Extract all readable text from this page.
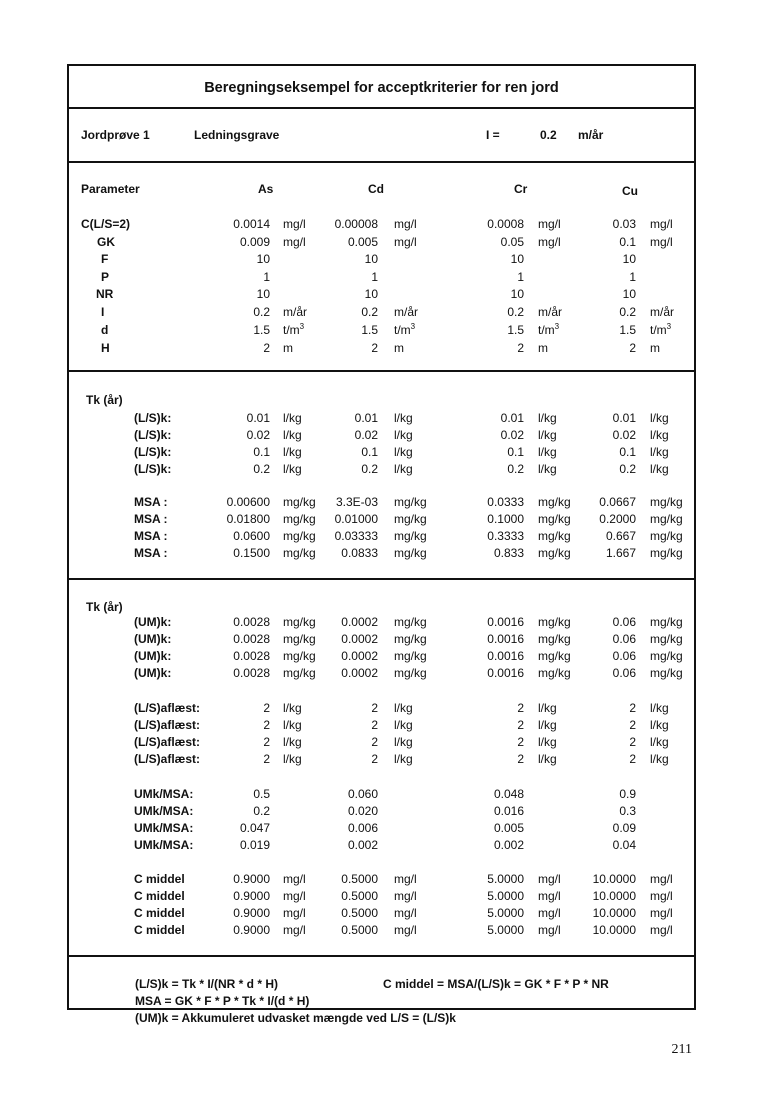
Beregningseksempel for acceptkriterier for ren jord
Jordprøve 1	Ledningsgrave	I =	0.2 m/år
Parameter	As	Cd	Cr	Cu
Tk (år)
Tk (år)
C(L/S=2)	0.0014 mg/l	0.00008 mg/l	0.0008 mg/l	0.03 mg/l
GK	0.009 mg/l	0.005 mg/l	0.05 mg/l	0.1 mg/l
F	10	10	10	10
P	1	1	1	1
NR	10	10	10	10
I	0.2 m/år	0.2 m/år	0.2 m/år	0.2 m/år
d	1.5 $t/m^3$	1.5 $t/m^3$	1.5 $t/m^3$	1.5 $t/m^3$
H	2 m	2 m	2 m	2 m
(L/S)k:	0.01 l/kg	0.01 l/kg	0.01 l/kg	0.01 l/kg
(L/S)k:	0.02 l/kg	0.02 l/kg	0.02 l/kg	0.02 l/kg
(L/S)k:	0.1 l/kg	0.1 l/kg	0.1 l/kg	0.1 l/kg
(L/S)k:	0.2 l/kg	0.2 l/kg	0.2 l/kg	0.2 l/kg
MSA :	0.00600 mg/kg	3.3E-03 mg/kg	0.0333 mg/kg	0.0667 mg/kg
MSA :	0.01800 mg/kg	0.01000 mg/kg	0.1000 mg/kg	0.2000 mg/kg
MSA :	0.0600 mg/kg	0.03333 mg/kg	0.3333 mg/kg	0.667 mg/kg
MSA :	0.1500 mg/kg	0.0833 mg/kg	0.833 mg/kg	1.667 mg/kg
(UM)k:	0.0028 mg/kg	0.0002 mg/kg	0.0016 mg/kg	0.06 mg/kg
(UM)k:	0.0028 mg/kg	0.0002 mg/kg	0.0016 mg/kg	0.06 mg/kg
(UM)k:	0.0028 mg/kg	0.0002 mg/kg	0.0016 mg/kg	0.06 mg/kg
(UM)k:	0.0028 mg/kg	0.0002 mg/kg	0.0016 mg/kg	0.06 mg/kg
(L/S)aflæst:	2 l/kg	2 l/kg	2 l/kg	2 l/kg
(L/S)aflæst:	2 l/kg	2 l/kg	2 l/kg	2 l/kg
(L/S)aflæst:	2 l/kg	2 l/kg	2 l/kg	2 l/kg
(L/S)aflæst:	2 l/kg	2 l/kg	2 l/kg	2 l/kg
UMk/MSA:	0.5	0.060	0.048	0.9
UMk/MSA:	0.2	0.020	0.016	0.3
UMk/MSA:	0.047	0.006	0.005	0.09
UMk/MSA:	0.019	0.002	0.002	0.04
C middel	0.9000 mg/l	0.5000 mg/l	5.0000 mg/l	10.0000 mg/l
C middel	0.9000 mg/l	0.5000 mg/l	5.0000 mg/l	10.0000 mg/l
C middel	0.9000 mg/l	0.5000 mg/l	5.0000 mg/l	10.0000 mg/l
C middel	0.9000 mg/l	0.5000 mg/l	5.0000 mg/l	10.0000 mg/l
(L/S)k = Tk * I/(NR * d * H)	C middel = MSA/(L/S)k = GK * F * P * NR
MSA = GK * F * P * Tk * I/(d * H)
(UM)k = Akkumuleret udvasket mængde ved L/S = (L/S)k
211
